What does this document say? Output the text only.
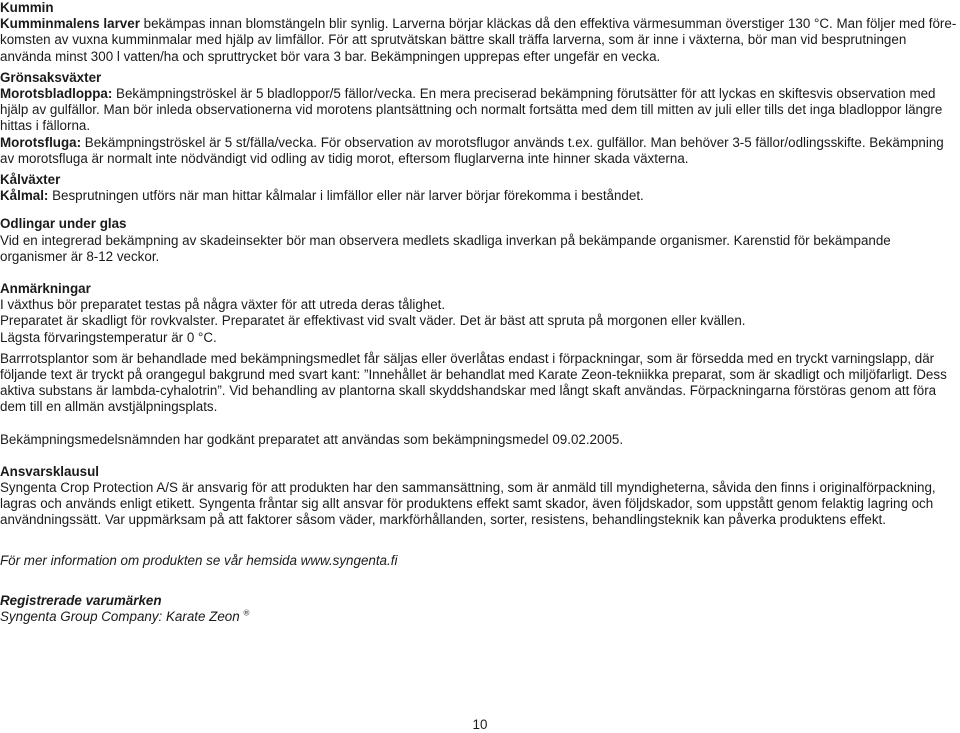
Kummin

Kumminmalens larver bekämpas innan blomstängeln blir synlig. Larverna börjar kläckas då den effektiva värmesumman överstiger 130 °C. Man följer med före-komsten av vuxna kumminmalar med hjälp av limfällor. För att sprutvätskan bättre skall träffa larverna, som är inne i växterna, bör man vid besprutningen använda minst 300 l vatten/ha och spruttrycket bör vara 3 bar. Bekämpningen upprepas efter ungefär en vecka.

Grönsaksväxter

Morotsbladloppa: Bekämpningströskel är 5 bladloppor/5 fällor/vecka. En mera preciserad bekämpning förutsätter för att lyckas en skiftesvis observation med hjälp av gulfällor. Man bör inleda observationerna vid morotens plantsättning och normalt fortsätta med dem till mitten av juli eller tills det inga bladloppor längre hittas i fällorna.

Morotsfluga: Bekämpningströskel är 5 st/fälla/vecka. För observation av morotsflugor används t.ex. gulfällor. Man behöver 3-5 fällor/odlingsskifte. Bekämpning av morotsfluga är normalt inte nödvändigt vid odling av tidig morot, eftersom fluglarverna inte hinner skada växterna.

Kålväxter

Kålmal: Besprutningen utförs när man hittar kålmalar i limfällor eller när larver börjar förekomma i beståndet.

Odlingar under glas

Vid en integrerad bekämpning av skadeinsekter bör man observera medlets skadliga inverkan på bekämpande organismer. Karenstid för bekämpande organismer är 8-12 veckor.

Anmärkningar

I växthus bör preparatet testas på några växter för att utreda deras tålighet.

Preparatet är skadligt för rovkvalster. Preparatet är effektivast vid svalt väder. Det är bäst att spruta på morgonen eller kvällen.

Lägsta förvaringstemperatur är 0 °C.

Barrrotsplantor som är behandlade med bekämpningsmedlet får säljas eller överlåtas endast i förpackningar, som är försedda med en tryckt varningslapp, där följande text är tryckt på orangegul bakgrund med svart kant: ”Innehållet är behandlat med Karate Zeon-tekniikka preparat, som är skadligt och miljöfarligt. Dess aktiva substans är lambda-cyhalotrin”. Vid behandling av plantorna skall skyddshandskar med långt skaft användas. Förpackningarna förstöras genom att föra dem till en allmän avstjälpningsplats.

Bekämpningsmedelsnämnden har godkänt preparatet att användas som bekämpningsmedel 09.02.2005.

Ansvarsklausul

Syngenta Crop Protection A/S är ansvarig för att produkten har den sammansättning, som är anmäld till myndigheterna, såvida den finns i originalförpackning, lagras och används enligt etikett. Syngenta fråntar sig allt ansvar för produktens effekt samt skador, även följdskador, som uppstått genom felaktig lagring och användningssätt. Var uppmärksam på att faktorer såsom väder, markförhållanden, sorter, resistens, behandlingsteknik kan påverka produktens effekt.

För mer information om produkten se vår hemsida www.syngenta.fi

Registrerade varumärken

Syngenta Group Company: Karate Zeon ®

10
